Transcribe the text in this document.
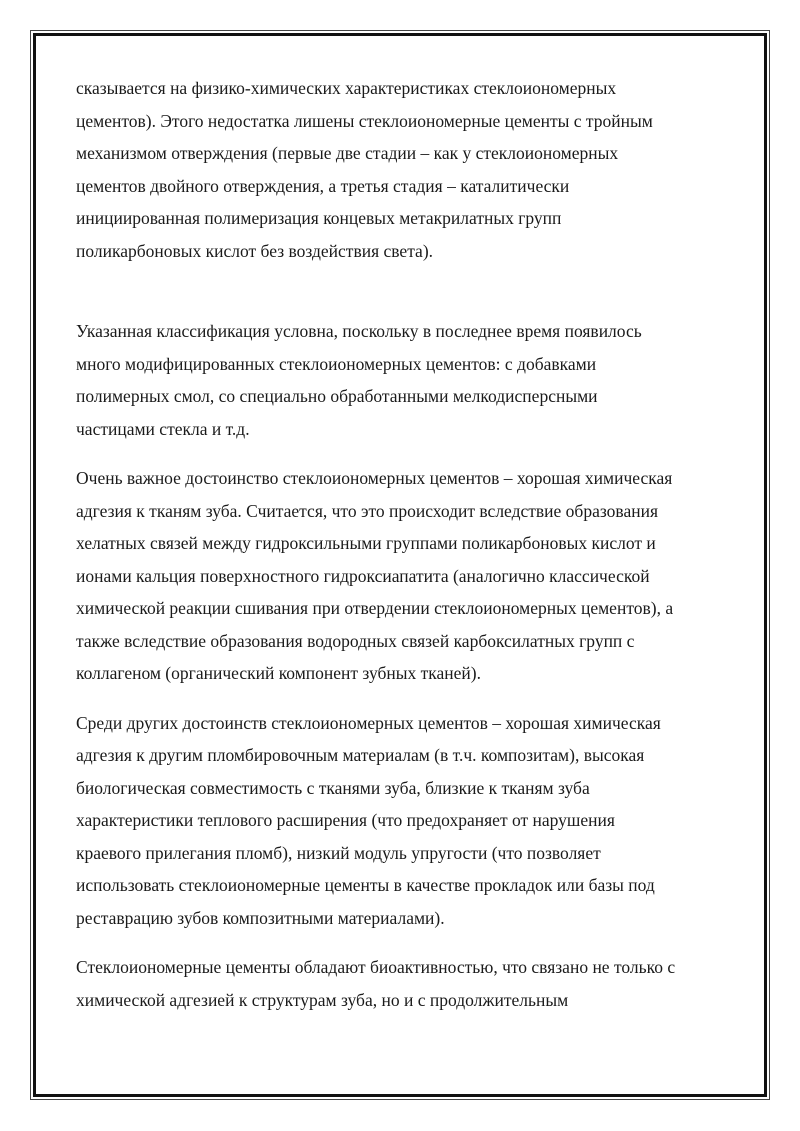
сказывается на физико-химических характеристиках стеклоиономерных
цементов). Этого недостатка лишены стеклоиономерные цементы с тройным
механизмом отверждения (первые две стадии – как у стеклоиономерных
цементов двойного отверждения, а третья стадия – каталитически
инициированная полимеризация концевых метакрилатных групп
поликарбоновых кислот без воздействия света).

Указанная классификация условна, поскольку в последнее время появилось
много модифицированных стеклоиономерных цементов: с добавками
полимерных смол, со специально обработанными мелкодисперсными
частицами стекла и т.д.

Очень важное достоинство стеклоиономерных цементов – хорошая химическая
адгезия к тканям зуба. Считается, что это происходит вследствие образования
хелатных связей между гидроксильными группами поликарбоновых кислот и
ионами кальция поверхностного гидроксиапатита (аналогично классической
химической реакции сшивания при отвердении стеклоиономерных цементов), а
также вследствие образования водородных связей карбоксилатных групп с
коллагеном (органический компонент зубных тканей).

Среди других достоинств стеклоиономерных цементов – хорошая химическая
адгезия к другим пломбировочным материалам (в т.ч. композитам), высокая
биологическая совместимость с тканями зуба, близкие к тканям зуба
характеристики теплового расширения (что предохраняет от нарушения
краевого прилегания пломб), низкий модуль упругости (что позволяет
использовать стеклоиономерные цементы в качестве прокладок или базы под
реставрацию зубов композитными материалами).

Стеклоиономерные цементы обладают биоактивностью, что связано не только с
химической адгезией к структурам зуба, но и с продолжительным
